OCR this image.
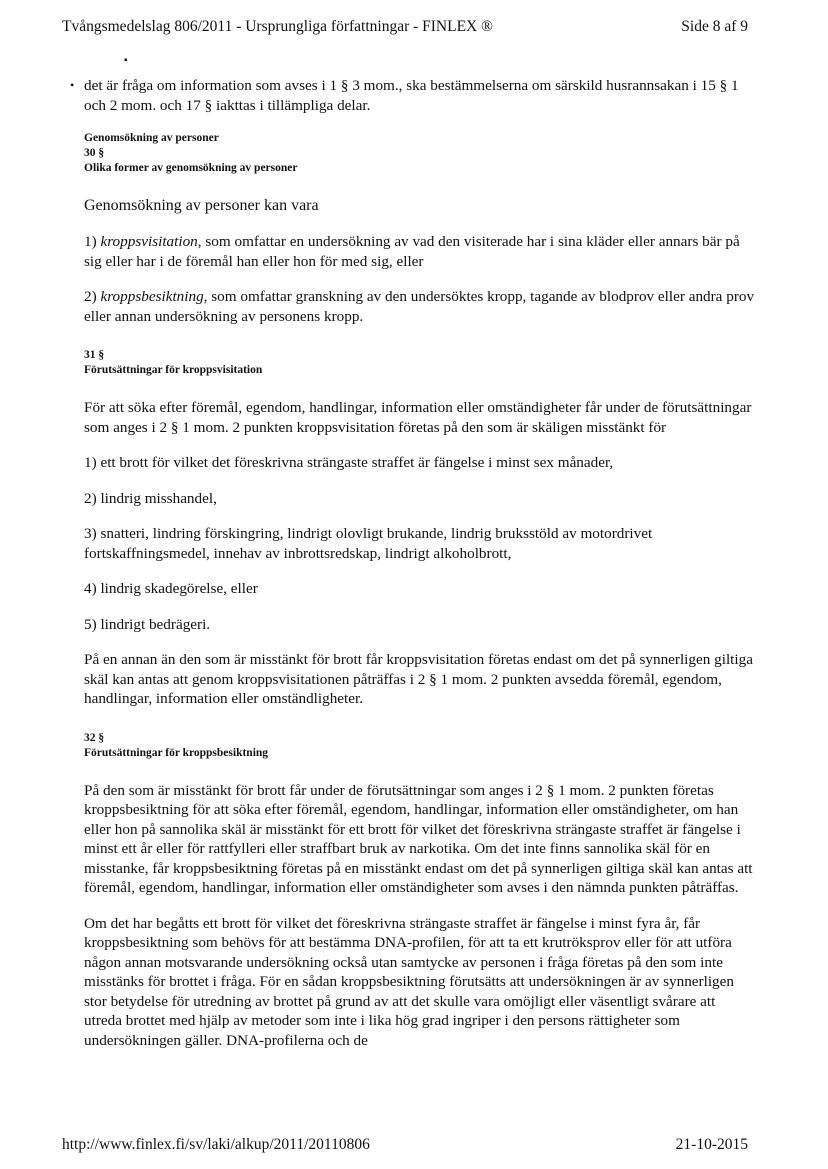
Tvångsmedelslag 806/2011 - Ursprungliga författningar - FINLEX ®	Side 8 af 9
▪

• det är fråga om information som avses i 1 § 3 mom., ska bestämmelserna om särskild husrannsakan i 15 § 1 och 2 mom. och 17 § iakttas i tillämpliga delar.

Genomsökning av personer

30 §

Olika former av genomsökning av personer

Genomsökning av personer kan vara

1) kroppsvisitation, som omfattar en undersökning av vad den visiterade har i sina kläder eller annars bär på sig eller har i de föremål han eller hon för med sig, eller

2) kroppsbesiktning, som omfattar granskning av den undersöktes kropp, tagande av blodprov eller andra prov eller annan undersökning av personens kropp.

31 §

Förutsättningar för kroppsvisitation

För att söka efter föremål, egendom, handlingar, information eller omständigheter får under de förutsättningar som anges i 2 § 1 mom. 2 punkten kroppsvisitation företas på den som är skäligen misstänkt för

1) ett brott för vilket det föreskrivna strängaste straffet är fängelse i minst sex månader,

2) lindrig misshandel,

3) snatteri, lindring förskingring, lindrigt olovligt brukande, lindrig bruksstöld av motordrivet fortskaffningsmedel, innehav av inbrottsredskap, lindrigt alkoholbrott,

4) lindrig skadegörelse, eller

5) lindrigt bedrägeri.

På en annan än den som är misstänkt för brott får kroppsvisitation företas endast om det på synnerligen giltiga skäl kan antas att genom kroppsvisitationen påträffas i 2 § 1 mom. 2 punkten avsedda föremål, egendom, handlingar, information eller omständligheter.

32 §

Förutsättningar för kroppsbesiktning

På den som är misstänkt för brott får under de förutsättningar som anges i 2 § 1 mom. 2 punkten företas kroppsbesiktning för att söka efter föremål, egendom, handlingar, information eller omständigheter, om han eller hon på sannolika skäl är misstänkt för ett brott för vilket det föreskrivna strängaste straffet är fängelse i minst ett år eller för rattfylleri eller straffbart bruk av narkotika. Om det inte finns sannolika skäl för en misstanke, får kroppsbesiktning företas på en misstänkt endast om det på synnerligen giltiga skäl kan antas att föremål, egendom, handlingar, information eller omständigheter som avses i den nämnda punkten påträffas.

Om det har begåtts ett brott för vilket det föreskrivna strängaste straffet är fängelse i minst fyra år, får kroppsbesiktning som behövs för att bestämma DNA-profilen, för att ta ett krutröksprov eller för att utföra någon annan motsvarande undersökning också utan samtycke av personen i fråga företas på den som inte misstänks för brottet i fråga. För en sådan kroppsbesiktning förutsätts att undersökningen är av synnerligen stor betydelse för utredning av brottet på grund av att det skulle vara omöjligt eller väsentligt svårare att utreda brottet med hjälp av metoder som inte i lika hög grad ingriper i den persons rättigheter som undersökningen gäller. DNA-profilerna och de

http://www.finlex.fi/sv/laki/alkup/2011/20110806	21-10-2015
